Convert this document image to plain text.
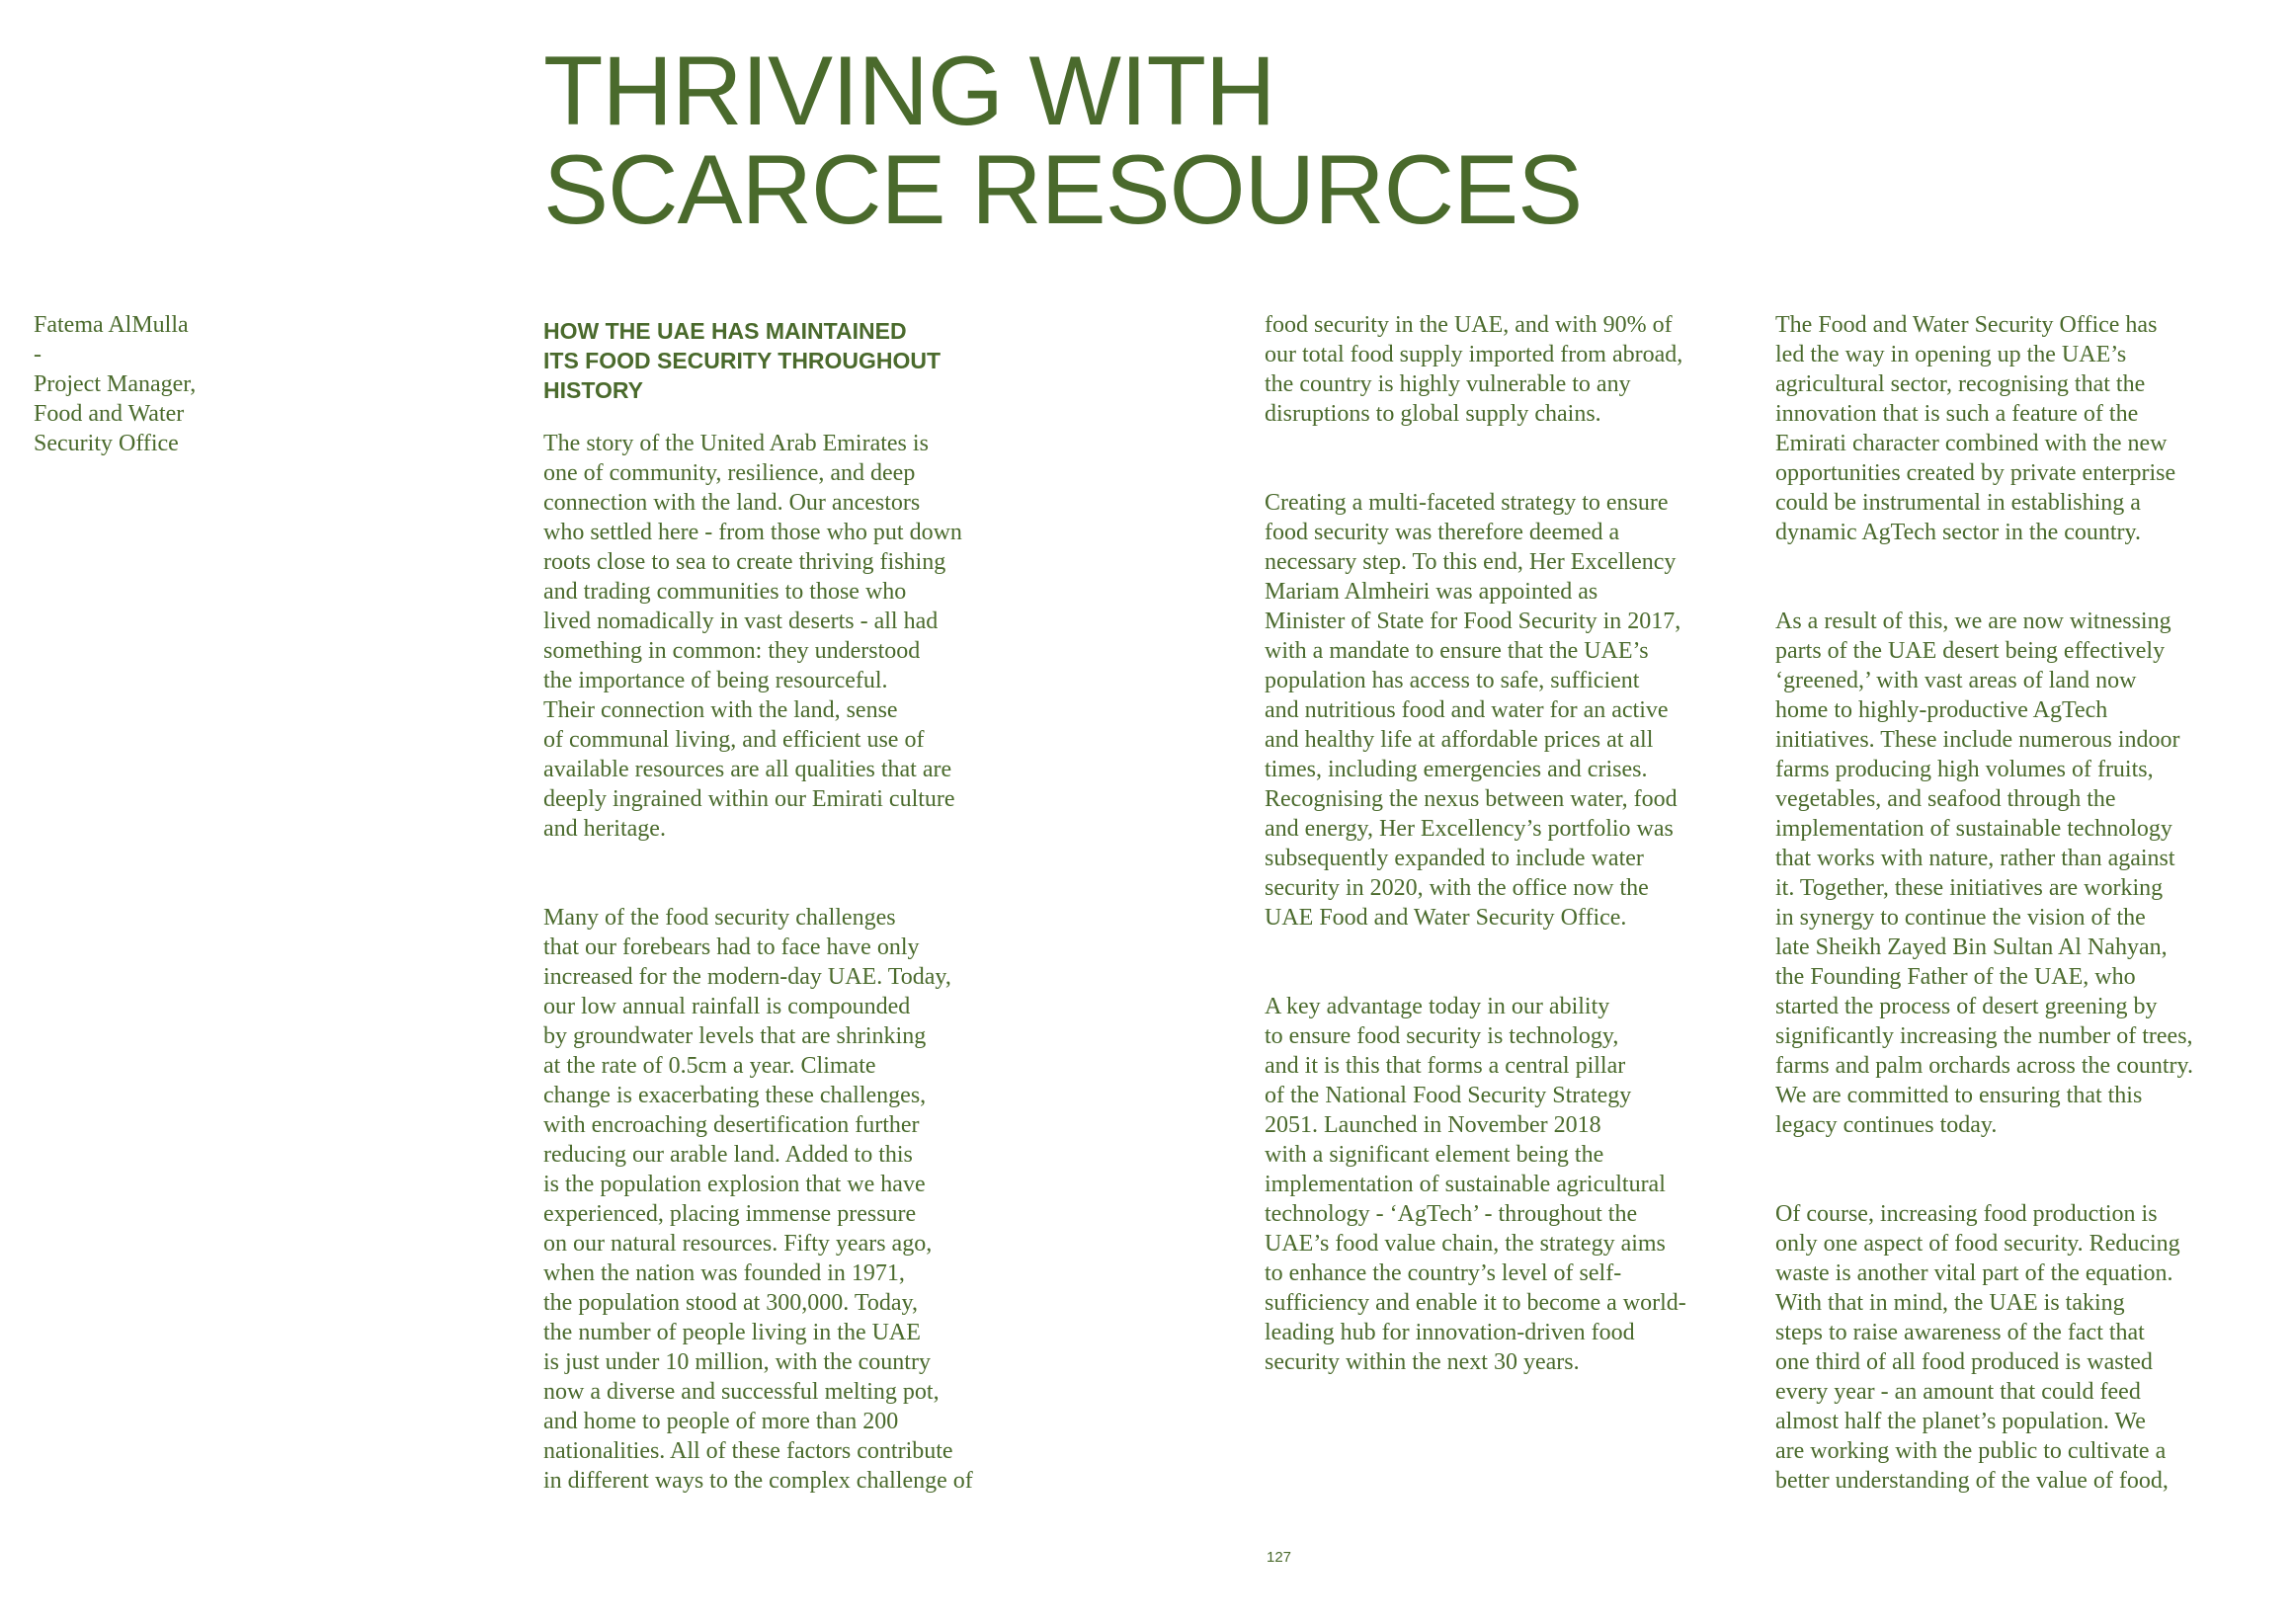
THRIVING WITH
SCARCE RESOURCES
Fatema AlMulla
-
Project Manager,
Food and Water
Security Office
HOW THE UAE HAS MAINTAINED
ITS FOOD SECURITY THROUGHOUT
HISTORY

The story of the United Arab Emirates is
one of community, resilience, and deep
connection with the land. Our ancestors
who settled here - from those who put down
roots close to sea to create thriving fishing
and trading communities to those who
lived nomadically in vast deserts - all had
something in common: they understood
the importance of being resourceful.
Their connection with the land, sense
of communal living, and efficient use of
available resources are all qualities that are
deeply ingrained within our Emirati culture
and heritage.

Many of the food security challenges
that our forebears had to face have only
increased for the modern-day UAE. Today,
our low annual rainfall is compounded
by groundwater levels that are shrinking
at the rate of 0.5cm a year. Climate
change is exacerbating these challenges,
with encroaching desertification further
reducing our arable land. Added to this
is the population explosion that we have
experienced, placing immense pressure
on our natural resources. Fifty years ago,
when the nation was founded in 1971,
the population stood at 300,000. Today,
the number of people living in the UAE
is just under 10 million, with the country
now a diverse and successful melting pot,
and home to people of more than 200
nationalities. All of these factors contribute
in different ways to the complex challenge of

food security in the UAE, and with 90% of
our total food supply imported from abroad,
the country is highly vulnerable to any
disruptions to global supply chains.

Creating a multi-faceted strategy to ensure
food security was therefore deemed a
necessary step. To this end, Her Excellency
Mariam Almheiri was appointed as
Minister of State for Food Security in 2017,
with a mandate to ensure that the UAE’s
population has access to safe, sufficient
and nutritious food and water for an active
and healthy life at affordable prices at all
times, including emergencies and crises.
Recognising the nexus between water, food
and energy, Her Excellency’s portfolio was
subsequently expanded to include water
security in 2020, with the office now the
UAE Food and Water Security Office.

A key advantage today in our ability
to ensure food security is technology,
and it is this that forms a central pillar
of the National Food Security Strategy
2051. Launched in November 2018
with a significant element being the
implementation of sustainable agricultural
technology - ‘AgTech’ - throughout the
UAE’s food value chain, the strategy aims
to enhance the country’s level of self-
sufficiency and enable it to become a world-
leading hub for innovation-driven food
security within the next 30 years.

The Food and Water Security Office has
led the way in opening up the UAE’s
agricultural sector, recognising that the
innovation that is such a feature of the
Emirati character combined with the new
opportunities created by private enterprise
could be instrumental in establishing a
dynamic AgTech sector in the country.

As a result of this, we are now witnessing
parts of the UAE desert being effectively
‘greened,’ with vast areas of land now
home to highly-productive AgTech
initiatives. These include numerous indoor
farms producing high volumes of fruits,
vegetables, and seafood through the
implementation of sustainable technology
that works with nature, rather than against
it. Together, these initiatives are working
in synergy to continue the vision of the
late Sheikh Zayed Bin Sultan Al Nahyan,
the Founding Father of the UAE, who
started the process of desert greening by
significantly increasing the number of trees,
farms and palm orchards across the country.
We are committed to ensuring that this
legacy continues today.

Of course, increasing food production is
only one aspect of food security. Reducing
waste is another vital part of the equation.
With that in mind, the UAE is taking
steps to raise awareness of the fact that
one third of all food produced is wasted
every year - an amount that could feed
almost half the planet’s population. We
are working with the public to cultivate a
better understanding of the value of food,

127
